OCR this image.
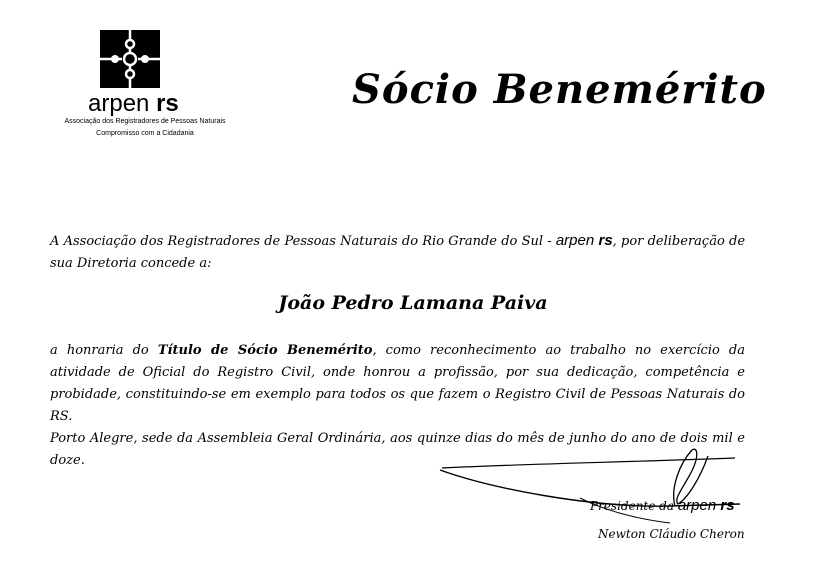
arpen rs
Associação dos Registradores de Pessoas Naturais
Compromisso com a Cidadania
Sócio Benemérito
A Associação dos Registradores de Pessoas Naturais do Rio Grande do Sul - arpen rs, por deliberação de sua Diretoria concede a:
João Pedro Lamana Paiva
a honraria do Título de Sócio Benemérito, como reconhecimento ao trabalho no exercício da atividade de Oficial do Registro Civil, onde honrou a profissão, por sua dedicação, competência e probidade, constituindo-se em exemplo para todos os que fazem o Registro Civil de Pessoas Naturais do RS.
Porto Alegre, sede da Assembleia Geral Ordinária, aos quinze dias do mês de junho do ano de dois mil e doze.
Presidente da arpen rs
Newton Cláudio Cheron
